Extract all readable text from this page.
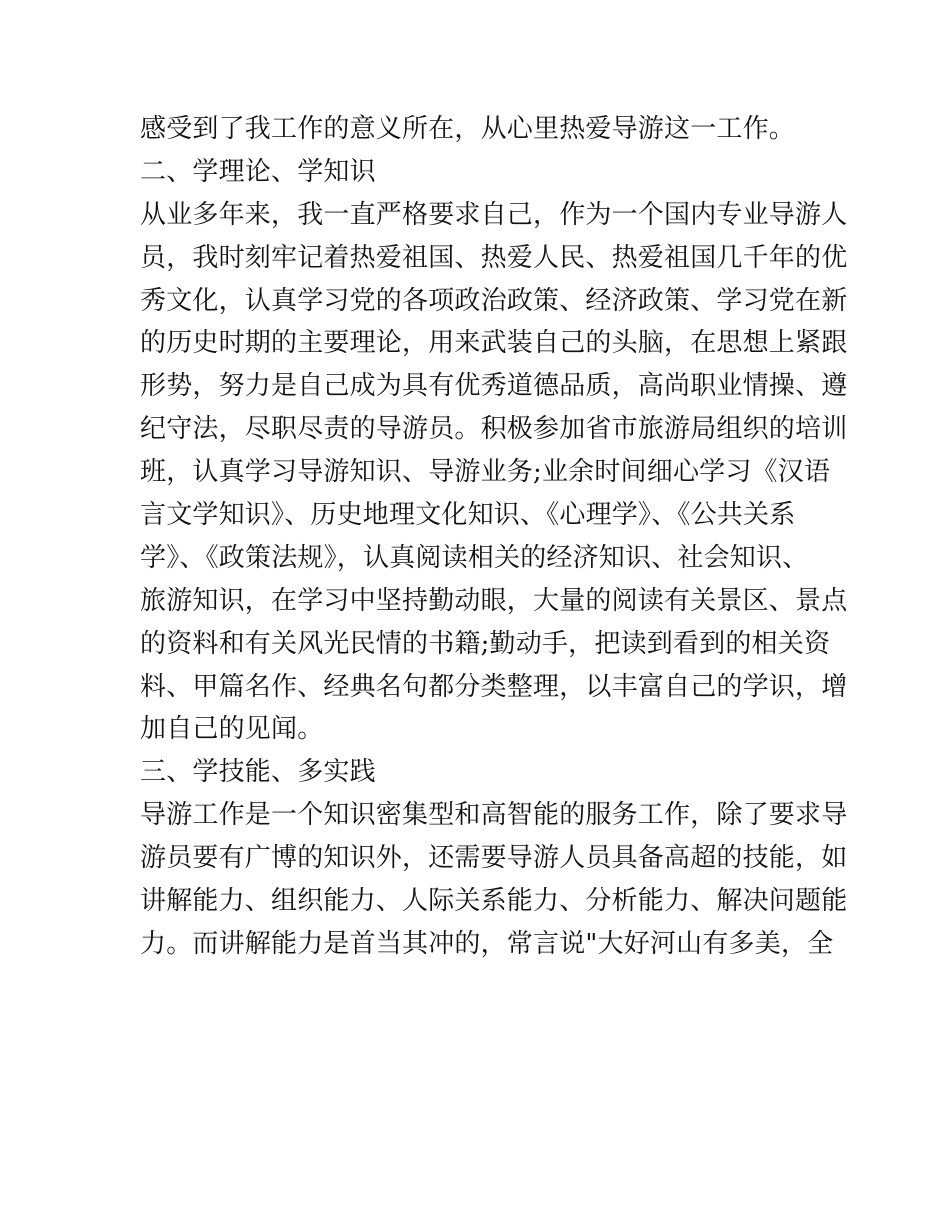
感受到了我工作的意义所在，从心里热爱导游这一工作。
二、学理论、学知识
从业多年来，我一直严格要求自己，作为一个国内专业导游人
员，我时刻牢记着热爱祖国、热爱人民、热爱祖国几千年的优
秀文化，认真学习党的各项政治政策、经济政策、学习党在新
的历史时期的主要理论，用来武装自己的头脑，在思想上紧跟
形势，努力是自己成为具有优秀道德品质，高尚职业情操、遵
纪守法，尽职尽责的导游员。积极参加省市旅游局组织的培训
班，认真学习导游知识、导游业务;业余时间细心学习《汉语
言文学知识》、历史地理文化知识、《心理学》、《公共关系
学》、《政策法规》，认真阅读相关的经济知识、社会知识、
旅游知识，在学习中坚持勤动眼，大量的阅读有关景区、景点
的资料和有关风光民情的书籍;勤动手，把读到看到的相关资
料、甲篇名作、经典名句都分类整理，以丰富自己的学识，增
加自己的见闻。
三、学技能、多实践
导游工作是一个知识密集型和高智能的服务工作，除了要求导
游员要有广博的知识外，还需要导游人员具备高超的技能，如
讲解能力、组织能力、人际关系能力、分析能力、解决问题能
力。而讲解能力是首当其冲的，常言说"大好河山有多美，全
